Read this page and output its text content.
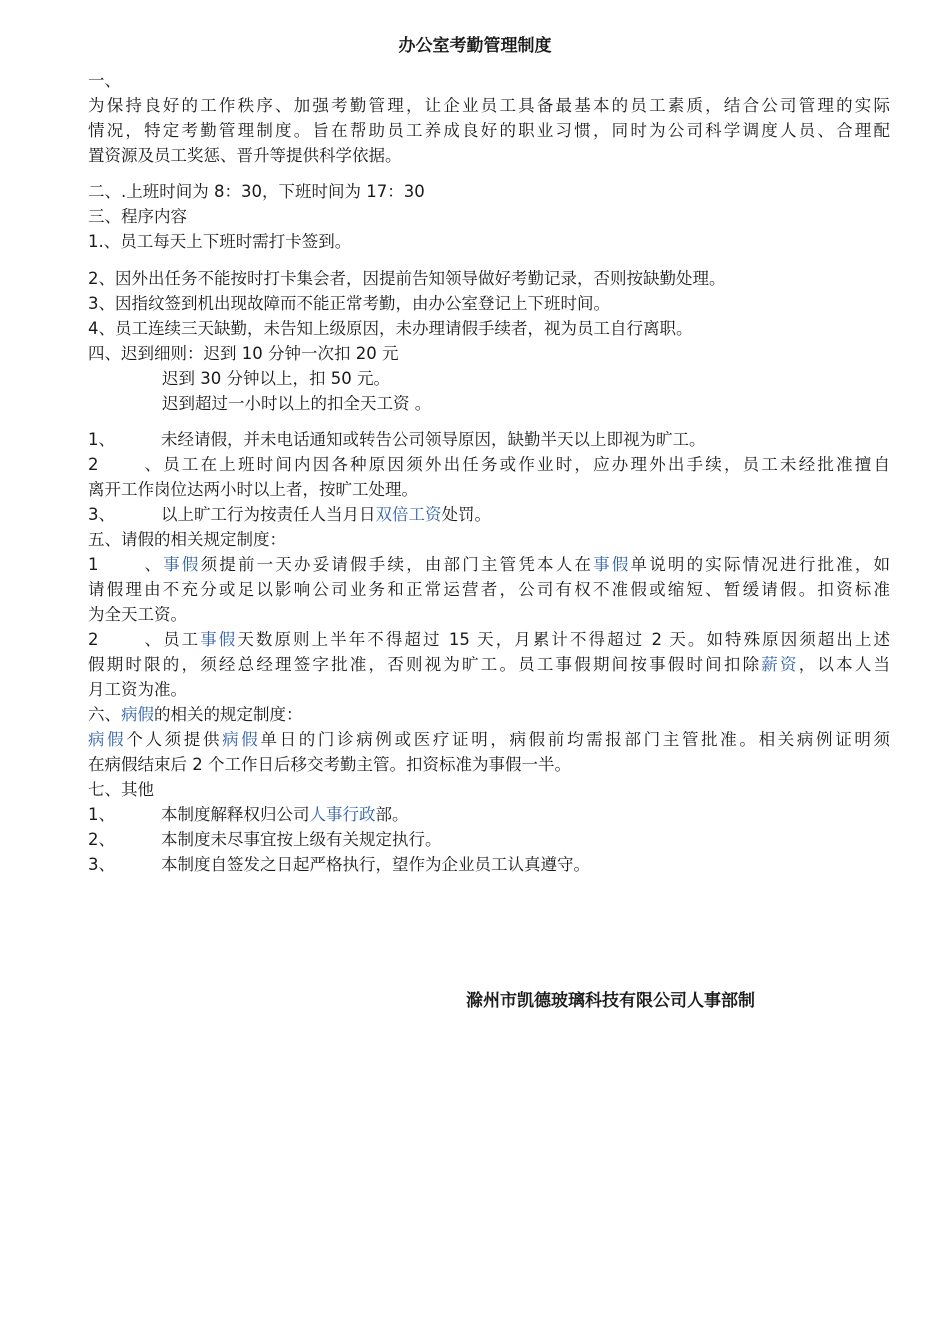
办公室考勤管理制度
一、
为保持良好的工作秩序、加强考勤管理，让企业员工具备最基本的员工素质，结合公司管理的实际
情况，特定考勤管理制度。旨在帮助员工养成良好的职业习惯，同时为公司科学调度人员、合理配
置资源及员工奖惩、晋升等提供科学依据。
二、.上班时间为 8：30，下班时间为 17：30
三、程序内容
1.、员工每天上下班时需打卡签到。
2、因外出任务不能按时打卡集会者，因提前告知领导做好考勤记录，否则按缺勤处理。
3、因指纹签到机出现故障而不能正常考勤，由办公室登记上下班时间。
4、员工连续三天缺勤，未告知上级原因，未办理请假手续者，视为员工自行离职。
四、迟到细则：迟到 10 分钟一次扣 20 元
迟到 30 分钟以上，扣 50 元。
迟到超过一小时以上的扣全天工资 。
1、	未经请假，并未电话通知或转告公司领导原因，缺勤半天以上即视为旷工。
2、员工在上班时间内因各种原因须外出任务或作业时，应办理外出手续，员工未经批准擅自
离开工作岗位达两小时以上者，按旷工处理。
3、	以上旷工行为按责任人当月日双倍工资处罚。
五、请假的相关规定制度：
1、事假须提前一天办妥请假手续，由部门主管凭本人在事假单说明的实际情况进行批准，如
请假理由不充分或足以影响公司业务和正常运营者，公司有权不准假或缩短、暂缓请假。扣资标准
为全天工资。
2、员工事假天数原则上半年不得超过 15 天，月累计不得超过 2 天。如特殊原因须超出上述
假期时限的，须经总经理签字批准，否则视为旷工。员工事假期间按事假时间扣除薪资，以本人当
月工资为准。
六、病假的相关的规定制度：
病假个人须提供病假单日的门诊病例或医疗证明，病假前均需报部门主管批准。相关病例证明须
在病假结束后 2 个工作日后移交考勤主管。扣资标准为事假一半。
七、其他
1、	本制度解释权归公司人事行政部。
2、	本制度未尽事宜按上级有关规定执行。
3、	本制度自签发之日起严格执行，望作为企业员工认真遵守。
滁州市凯德玻璃科技有限公司人事部制
